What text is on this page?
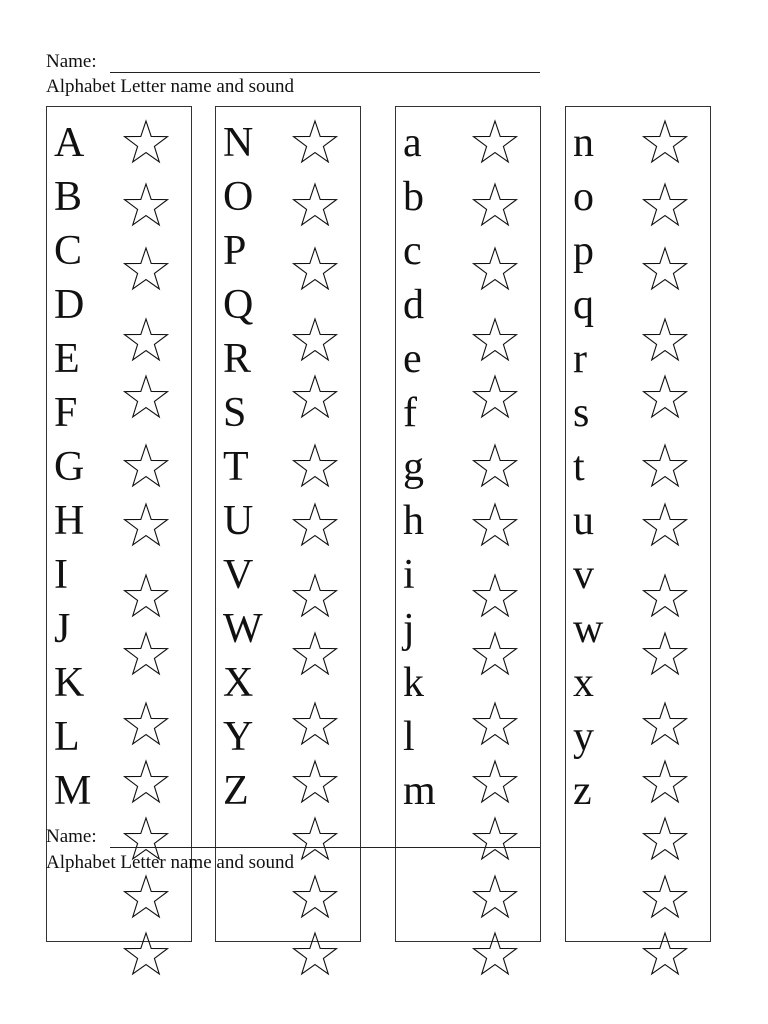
Name:
Alphabet Letter name and sound
A
B
C
D
E
F
G
H
I
J
K
L
M
N
O
P
Q
R
S
T
U
V
W
X
Y
Z
a
b
c
d
e
f
g
h
i
j
k
l
m
n
o
p
q
r
s
t
u
v
w
x
y
z
Name:
Alphabet Letter name and sound
